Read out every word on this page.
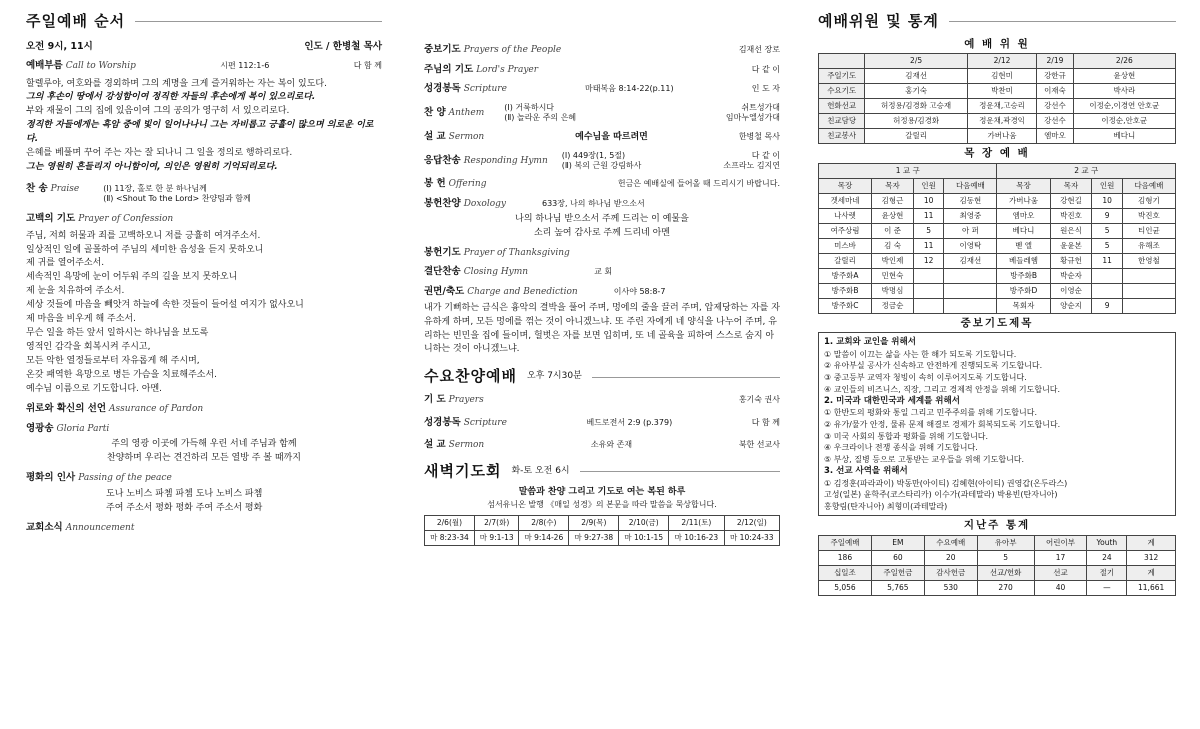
주일예배 순서
오전 9시, 11시	인도 / 한병철 목사
예배부름 Call to Worship	시편 112:1-6	다 함 께
할렐루야, 여호와를 경외하며 그의 계명을 크게 즐거워하는 자는 복이 있도다.
그의 후손이 땅에서 강성함이여 정직한 자들의 후손에게 복이 있으리로다.
부와 재물이 그의 집에 있음이여 그의 공의가 영구히 서 있으리로다.
정직한 자들에게는 흑암 중에 빛이 일어나나니 그는 자비롭고 긍휼이 많으며 의로운 이로다.
은혜를 베풀며 꾸어 주는 자는 잘 되나니 그 일을 정의로 행하리로다.
그는 영원히 흔들리지 아니함이여, 의인은 영원히 기억되리로다.
찬 송 Praise	(Ⅰ) 11장, 홀로 한 분 하나님께
(Ⅱ) <Shout To the Lord> 찬양팀과 함께
고백의 기도 Prayer of Confession
주님, 저희 허물과 죄를 고백하오니 저를 긍휼히 여겨주소서.
일상적인 일에 골몰하여 주님의 세미한 음성을 듣지 못하오니
제 귀를 열어주소서.
세속적인 욕망에 눈이 어두워 주의 길을 보지 못하오니
제 눈을 치유하여 주소서.
세상 것들에 마음을 빼앗겨 하늘에 속한 것들이 들어설 여지가 없사오니
제 마음을 비우게 해 주소서.
무슨 일을 하든 앞서 일하시는 하나님을 보도록
영적인 감각을 회복시켜 주시고,
모든 악한 열정들로부터 자유롭게 해 주시며,
온갖 패역한 욕망으로 병든 가슴을 치료해주소서.
예수님 이름으로 기도합니다. 아멘.
위로와 확신의 선언 Assurance of Pardon
영광송 Gloria Parti
주의 영광 이곳에 가득해 우린 서네 주님과 함께
찬양하며 우리는 견건하리 모든 열방 주 볼 때까지
평화의 인사 Passing of the peace
도나 노비스 파쳄 파쳄 도나 노비스 파쳄
주여 주소서 평화 평화 주여 주소서 평화
교회소식 Announcement
중보기도 Prayers of the People	김재선 장로
주님의 기도 Lord's Prayer	다 같 이
성경봉독 Scripture	마태복음 8:14-22(p.11)	인 도 자
찬 양 Anthem
(Ⅰ) 거룩하시다	쉬트성가대
(Ⅱ) 놀라운 주의 은혜	임마누엘성가대
설 교 Sermon	예수님을 따르려면	한병철 목사
응답찬송 Responding Hymn
(Ⅰ) 449장(1, 5절)	다 같 이
(Ⅱ) 복의 근원 강림하사	소프라노 김지연
봉 헌 Offering	헌금은 예배실에 들어올 때 드리시기 바랍니다.
봉헌찬양 Doxology	633장, 나의 하나님 받으소서
나의 하나님 받으소서 주께 드리는 이 예물을
소리 높여 감사로 주께 드리네 아멘
봉헌기도 Prayer of Thanksgiving
결단찬송 Closing Hymn	교 회
권면/축도 Charge and Benediction	이사야 58:8-7
내가 기뻐하는 금식은 흉악의 결박을 풀어 주며, 멍에의 줄을 끌러 주며, 압제당하는 자를 자유하게 하며, 모든 멍에를 꺾는 것이 아니겠느냐. 또 주린 자에게 네 양식을 나누어 주며, 유리하는 빈민을 집에 들이며, 헐벗은 자를 보면 입히며, 또 네 골육을 피하여 스스로 숨지 아니하는 것이 아니겠느냐.
수요찬양예배 오후 7시30분
기 도 Prayers	홍기숙 권사
성경봉독 Scripture	베드로전서 2:9 (p.379)	다 함 께
설 교 Sermon	소유와 존재	북한 선교사
새벽기도회 화-토 오전 6시
말씀과 찬양 그리고 기도로 여는 복된 하루
섬서유니온 발행 《매일 성경》의 본문을 따라 말씀을 묵상합니다.
2/6(월)	2/7(화)	2/8(수)	2/9(목)	2/10(금)	2/11(토)	2/12(일)
마 8:23-34	마 9:1-13	마 9:14-26	마 9:27-38	마 10:1-15	마 10:16-23	마 10:24-33
예배위원 및 통계
예 배 위 원
	2/5	2/12	2/19	2/26
주일기도	김재선	김현미	강한규	윤상현
수요기도	홍기숙	박찬미	이재숙	박사라
헌화선교	허정용/김경화 고승재	정운채,고승리	강선수	이정순,이경연 안호균
친교담당	허정용/김경화	정운채,곽경익	강선수	이정순,안호균
친교봉사	갈릴리	가버나움	엠마오	베다니
목 장 예 배
1 교 구				2 교 구			
목장	목자	인원	다음예배	목장	목자	인원	다음예배
겟세마네	김형근	10	김동현	가버나움	강현길	10	김형기
나사렛	윤상현	11	최영중	엠마오	박진호	9	박진호
여주상림	이 준	5	아 퍼	베다니	원은식	5	티인균
미스바	김 숙	11	이영탁	벧 엘	윤윤본	5	유해조
갈릴리	박인제	12	김재선	베들레헴	황규헌	11	한영철
방주화A	민현숙			방주화B	박순자		
방주화B	박명심			방주화D	이영순		
방주화C	정금순			목회자	양순지	9	
중보기도제목
1. 교회와 교인을 위해서
① 말씀이 이끄는 삶을 사는 한 해가 되도록 기도합니다.
② 유아부실 공사가 신속하고 안전하게 진행되도록 기도합니다.
③ 중고등부 교역자 청빙이 속히 이루어지도록 기도합니다.
④ 교인들의 비즈니스, 직장, 그리고 경제적 안정을 위해 기도합니다.
2. 미국과 대한민국과 세계를 위해서
① 한반도의 평화와 통일 그리고 민주주의를 위해 기도합니다.
② 유가/물가 안정, 물류 문제 해결로 경제가 회복되도록 기도합니다.
③ 미국 사회의 통합과 평화를 위해 기도합니다.
④ 우크라이나 전쟁 종식을 위해 기도합니다.
⑤ 부상, 질병 등으로 고통받는 교우들을 위해 기도합니다.
3. 선교 사역을 위해서
① 김정훈(파라과이) 박동만(아이티) 김혜현(아이티) 권영갑(온두라스)
고성(일본) 윤학주(코스타리카) 이수가(과테말라) 박용빈(탄자니아)
홍향림(탄자니아) 최형미(과테말라)
지난주 통계
주일예배	EM	수요예배	유아부	어린이부	Youth	계
186	60	20	5	17	24	312
십일조	주일헌금	감사헌금	선교/헌화	선교	절기	계
5,056	5,765	530	270	40	—	11,661
